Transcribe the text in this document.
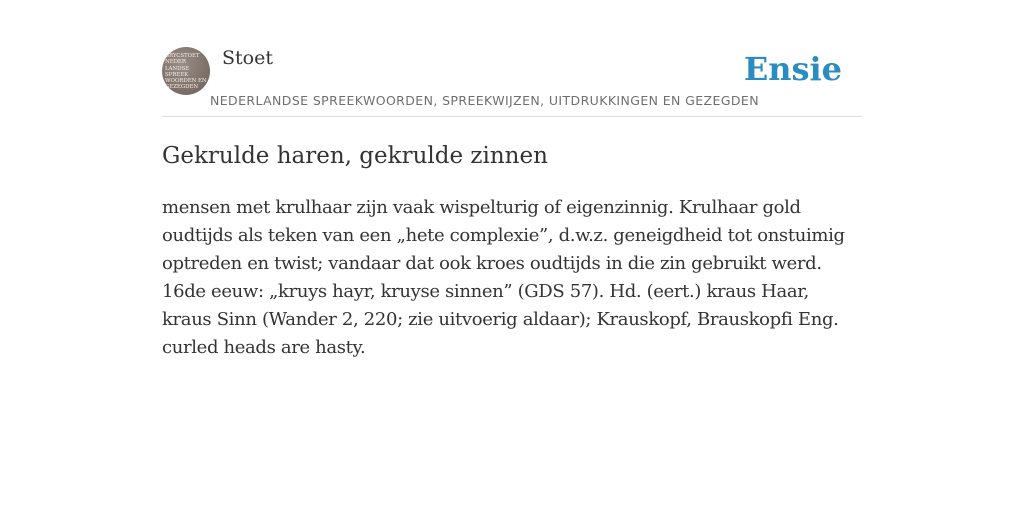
BRYCSTOET
NEDER
LANDSE
SPREEK
WOORDEN EN
GEZEGDEN
Stoet
NEDERLANDSE SPREEKWOORDEN, SPREEKWIJZEN, UITDRUKKINGEN EN GEZEGDEN
Ensie
Gekrulde haren, gekrulde zinnen

mensen met krulhaar zijn vaak wispelturig of eigenzinnig. Krulhaar gold oudtijds als teken van een „hete complexie”, d.w.z. geneigdheid tot onstuimig optreden en twist; vandaar dat ook kroes oudtijds in die zin gebruikt werd. 16de eeuw: „kruys hayr, kruyse sinnen” (GDS 57). Hd. (eert.) kraus Haar, kraus Sinn (Wander 2, 220; zie uitvoerig aldaar); Krauskopf, Brauskopfi Eng. curled heads are hasty.
